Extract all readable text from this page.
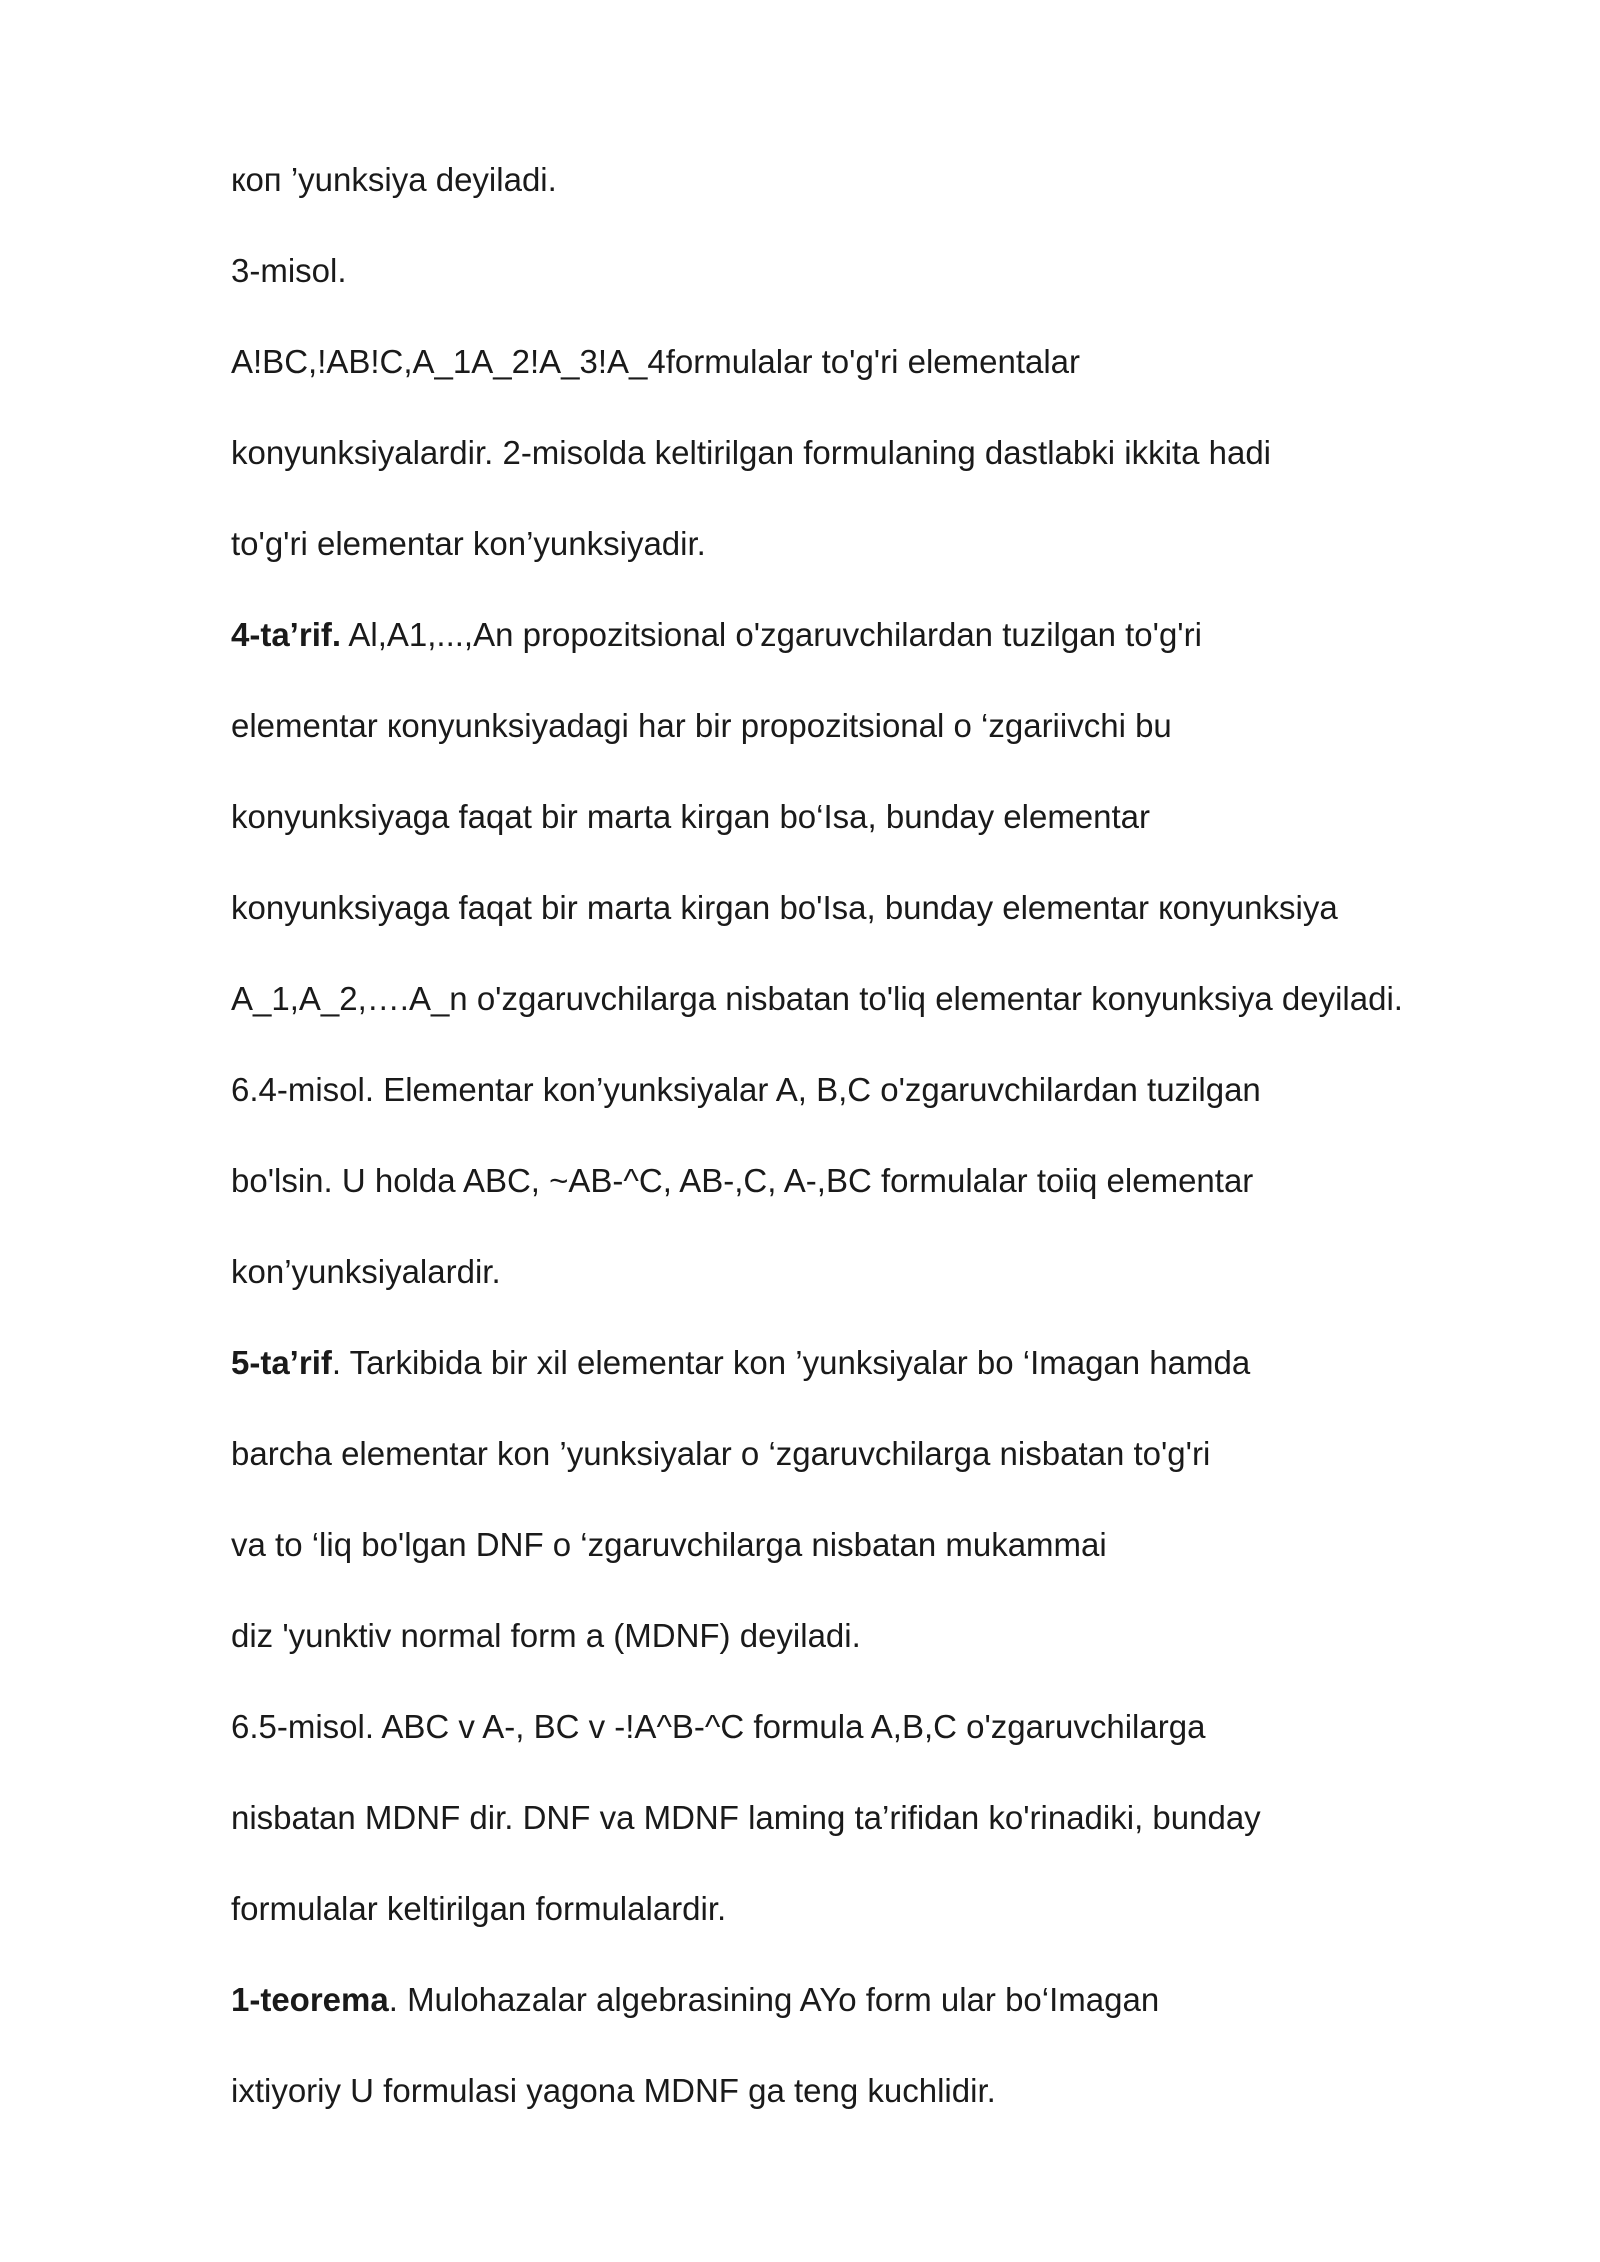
кoп ’yunksiya deyiladi.

3-misol.

A!BC,!AB!C,A_1A_2!A_3!A_4formulalar to'g'ri elementalar

konyunksiyalardir. 2-misolda keltirilgan formulaning dastlabki ikkita hadi

to'g'ri elementar kon’yunksiyadir.

4-ta’rif. Al,A1,...,An propozitsional o'zgaruvchilardan tuzilgan to'g'ri

elementar кonyunksiyadagi har bir propozitsional o ‘zgariivchi bu

konyunksiyaga faqat bir marta kirgan bo‘Isa, bunday elementar

konyunksiyaga faqat bir marta kirgan bo'Isa, bunday elementar кonyunksiya

A_1,A_2,….A_n o'zgaruvchilarga nisbatan to'liq elementar konyunksiya deyiladi.

6.4-misol. Elementar kon’yunksiyalar A, B,C o'zgaruvchilardan tuzilgan

bo'lsin. U holda ABC, ~AB-^C, AB-,C, A-,BC formulalar toiiq elementar

kon’yunksiyalardir.

5-ta’rif. Tarkibida bir xil elementar kon ’yunksiyalar bo ‘Imagan hamda

barcha elementar kon ’yunksiyalar o ‘zgaruvchilarga nisbatan to'g'ri

va to ‘liq bo'lgan DNF o ‘zgaruvchilarga nisbatan mukammai

diz 'yunktiv normal form a (MDNF) deyiladi.

6.5-misol. ABC v A-, BC v -!A^B-^C formula A,B,C o'zgaruvchilarga

nisbatan MDNF dir. DNF va MDNF laming ta’rifidan ko'rinadiki, bunday

formulalar keltirilgan formulalardir.

1-teorema. Mulohazalar algebrasining AYo form ular bo‘Imagan

ixtiyoriy U formulasi yagona MDNF ga teng kuchlidir.
